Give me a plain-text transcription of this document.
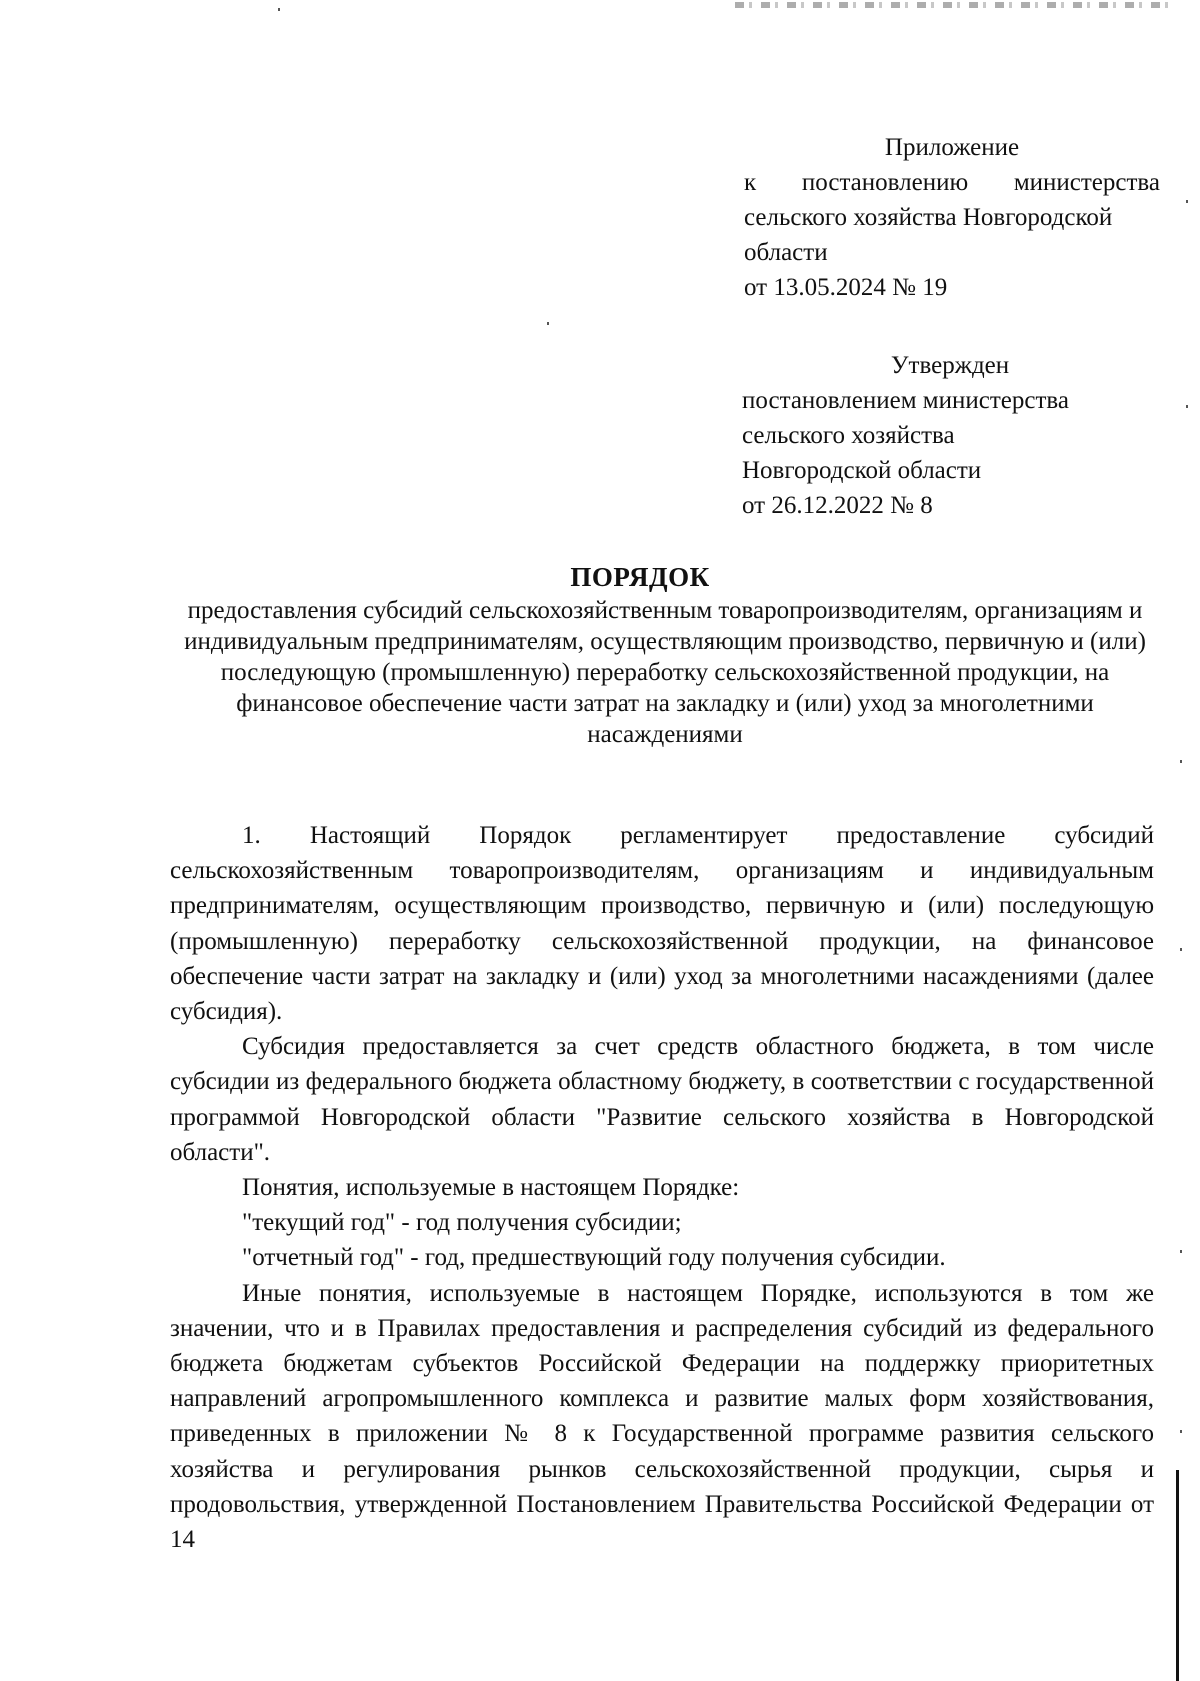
Приложение
к постановлению министерства
сельского хозяйства Новгородской
области
от 13.05.2024 № 19
Утвержден
постановлением министерства
сельского хозяйства
Новгородской области
от 26.12.2022 № 8
ПОРЯДОК
предоставления субсидий сельскохозяйственным товаропроизводителям, организациям и индивидуальным предпринимателям, осуществляющим производство, первичную и (или) последующую (промышленную) переработку сельскохозяйственной продукции, на финансовое обеспечение части затрат на закладку и (или) уход за многолетними насаждениями

1. Настоящий Порядок регламентирует предоставление субсидий сельскохозяйственным товаропроизводителям, организациям и индивидуальным предпринимателям, осуществляющим производство, первичную и (или) последующую (промышленную) переработку сельскохозяйственной продукции, на финансовое обеспечение части затрат на закладку и (или) уход за многолетними насаждениями (далее субсидия).

Субсидия предоставляется за счет средств областного бюджета, в том числе субсидии из федерального бюджета областному бюджету, в соответствии с государственной программой Новгородской области "Развитие сельского хозяйства в Новгородской области".

Понятия, используемые в настоящем Порядке:

"текущий год" - год получения субсидии;

"отчетный год" - год, предшествующий году получения субсидии.

Иные понятия, используемые в настоящем Порядке, используются в том же значении, что и в Правилах предоставления и распределения субсидий из федерального бюджета бюджетам субъектов Российской Федерации на поддержку приоритетных направлений агропромышленного комплекса и развитие малых форм хозяйствования, приведенных в приложении № 8 к Государственной программе развития сельского хозяйства и регулирования рынков сельскохозяйственной продукции, сырья и продовольствия, утвержденной Постановлением Правительства Российской Федерации от 14
